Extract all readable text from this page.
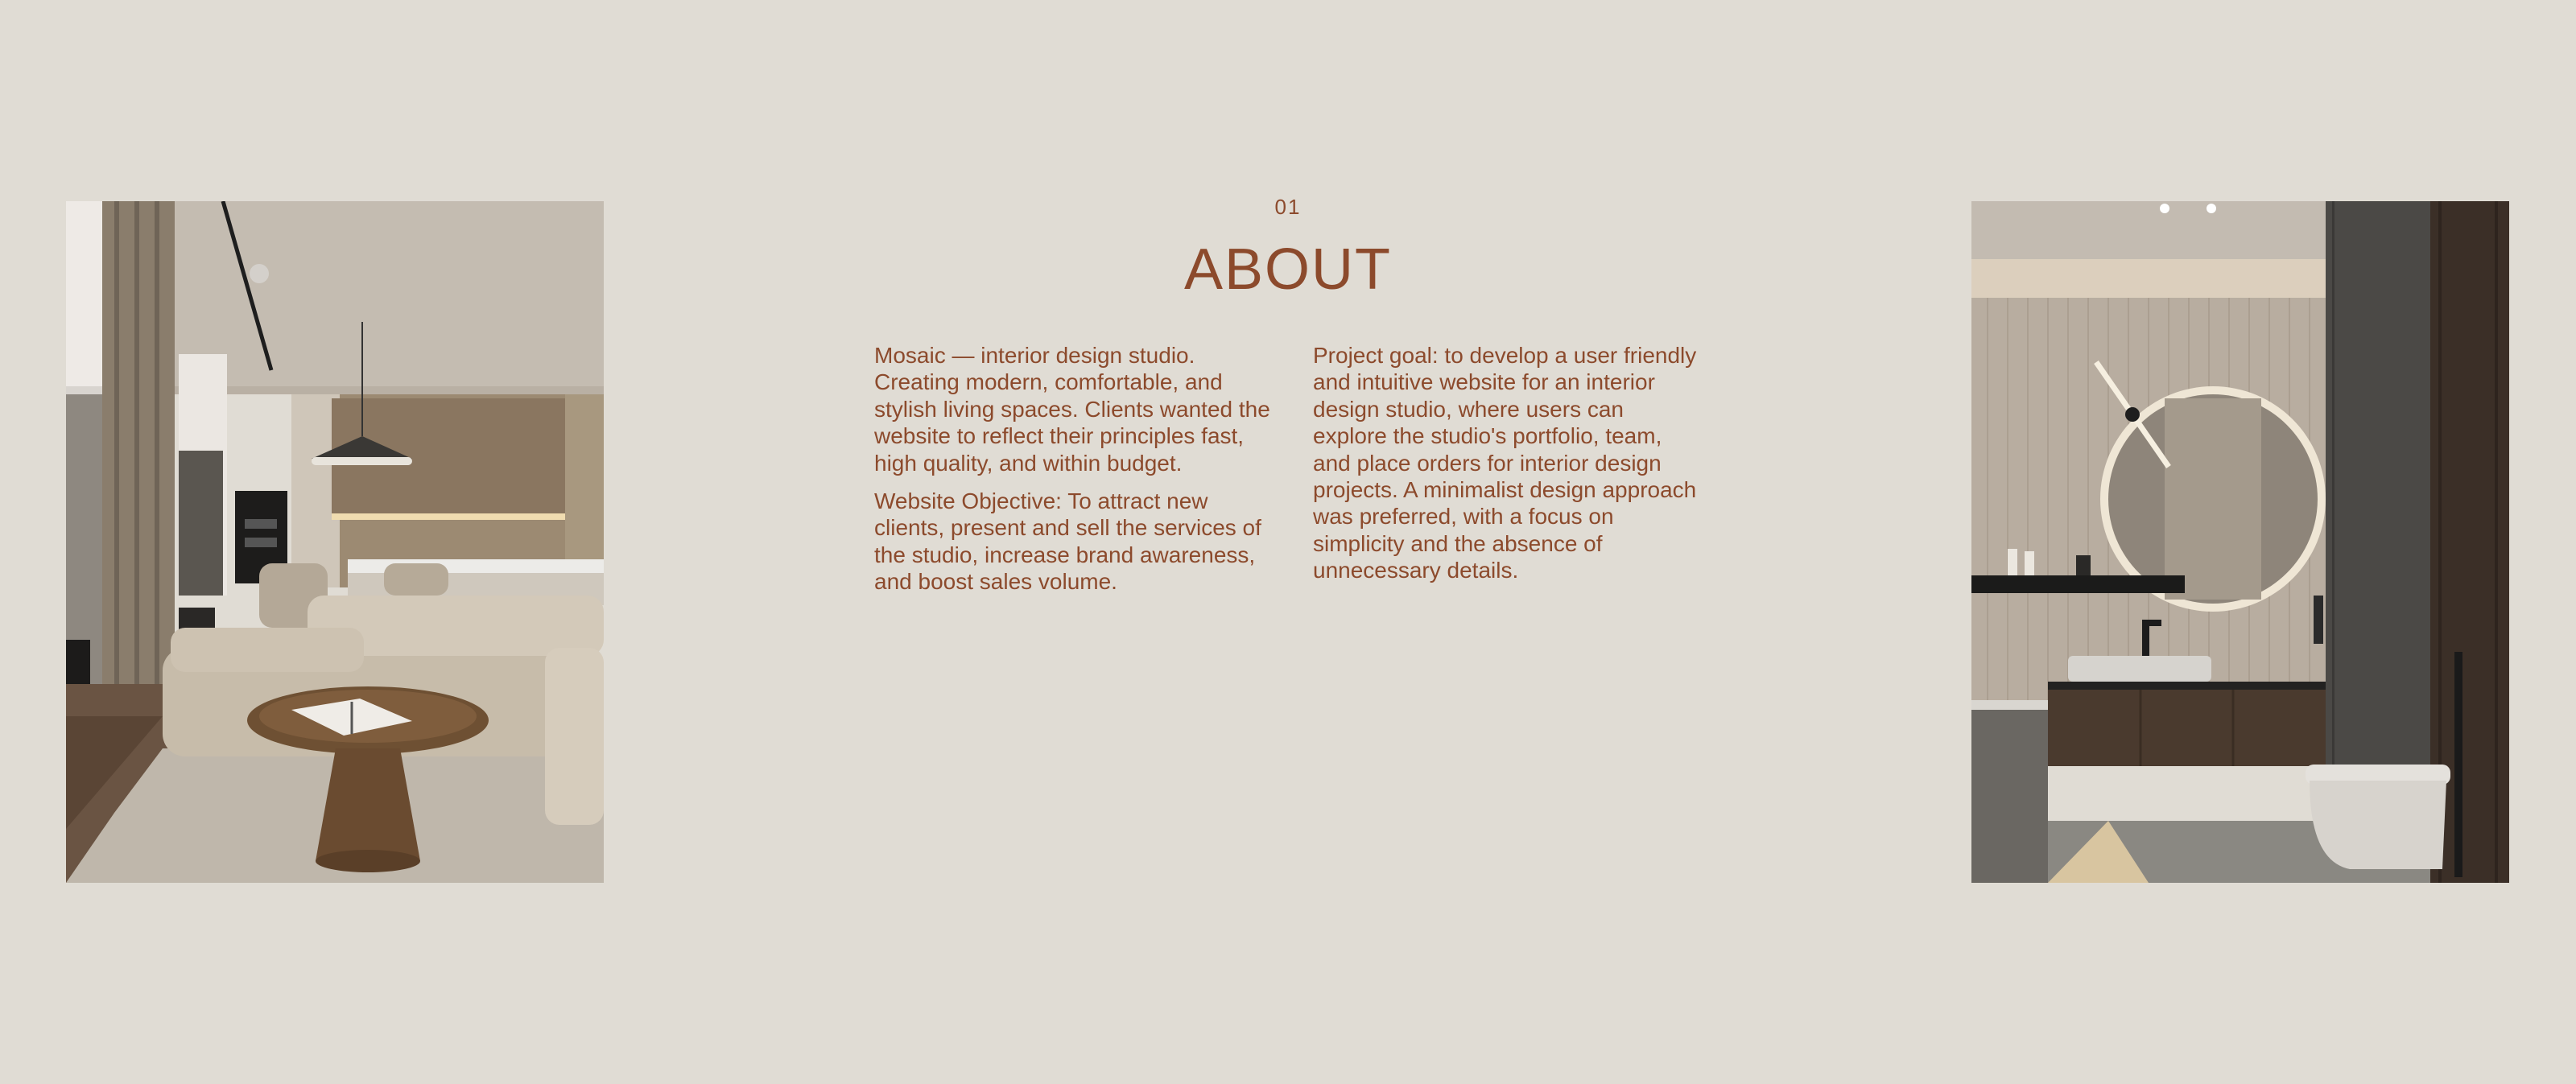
01
ABOUT

Mosaic — interior design studio. Creating modern, comfortable, and stylish living spaces. Clients wanted the website to reflect their principles fast, high quality, and within budget.

Website Objective: To attract new clients, present and sell the services of the studio, increase brand awareness, and boost sales volume.

Project goal: to develop a user friendly and intuitive website for an interior design studio, where users can explore the studio's portfolio, team, and place orders for interior design projects. A minimalist design approach was preferred, with a focus on simplicity and the absence of unnecessary details.
